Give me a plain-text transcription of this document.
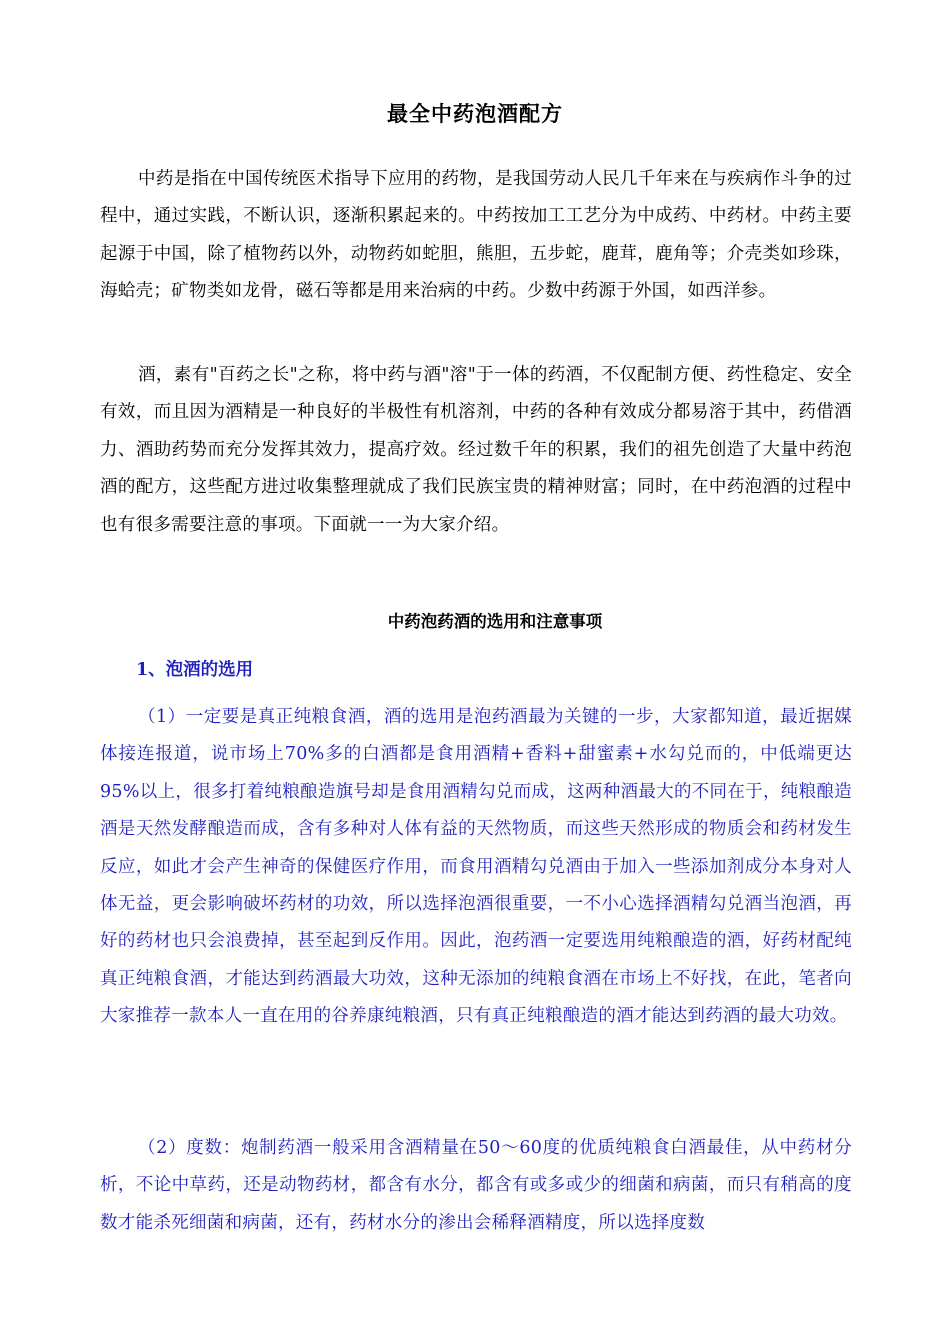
最全中药泡酒配方

中药是指在中国传统医术指导下应用的药物，是我国劳动人民几千年来在与疾病作斗争的过程中，通过实践，不断认识，逐渐积累起来的。中药按加工工艺分为中成药、中药材。中药主要起源于中国，除了植物药以外，动物药如蛇胆，熊胆，五步蛇，鹿茸，鹿角等；介壳类如珍珠，海蛤壳；矿物类如龙骨，磁石等都是用来治病的中药。少数中药源于外国，如西洋参。

酒，素有"百药之长"之称，将中药与酒"溶"于一体的药酒，不仅配制方便、药性稳定、安全有效，而且因为酒精是一种良好的半极性有机溶剂，中药的各种有效成分都易溶于其中，药借酒力、酒助药势而充分发挥其效力，提高疗效。经过数千年的积累，我们的祖先创造了大量中药泡酒的配方，这些配方进过收集整理就成了我们民族宝贵的精神财富；同时，在中药泡酒的过程中也有很多需要注意的事项。下面就一一为大家介绍。

中药泡药酒的选用和注意事项
1、泡酒的选用

（1）一定要是真正纯粮食酒，酒的选用是泡药酒最为关键的一步，大家都知道，最近据媒体接连报道，说市场上70%多的白酒都是食用酒精+香料+甜蜜素+水勾兑而的，中低端更达95%以上，很多打着纯粮酿造旗号却是食用酒精勾兑而成，这两种酒最大的不同在于，纯粮酿造酒是天然发酵酿造而成，含有多种对人体有益的天然物质，而这些天然形成的物质会和药材发生反应，如此才会产生神奇的保健医疗作用，而食用酒精勾兑酒由于加入一些添加剂成分本身对人体无益，更会影响破坏药材的功效，所以选择泡酒很重要，一不小心选择酒精勾兑酒当泡酒，再好的药材也只会浪费掉，甚至起到反作用。因此，泡药酒一定要选用纯粮酿造的酒，好药材配纯真正纯粮食酒，才能达到药酒最大功效，这种无添加的纯粮食酒在市场上不好找，在此，笔者向大家推荐一款本人一直在用的谷养康纯粮酒，只有真正纯粮酿造的酒才能达到药酒的最大功效。

（2）度数：炮制药酒一般采用含酒精量在50～60度的优质纯粮食白酒最佳，从中药材分析，不论中草药，还是动物药材，都含有水分，都含有或多或少的细菌和病菌，而只有稍高的度数才能杀死细菌和病菌，还有，药材水分的渗出会稀释酒精度，所以选择度数
